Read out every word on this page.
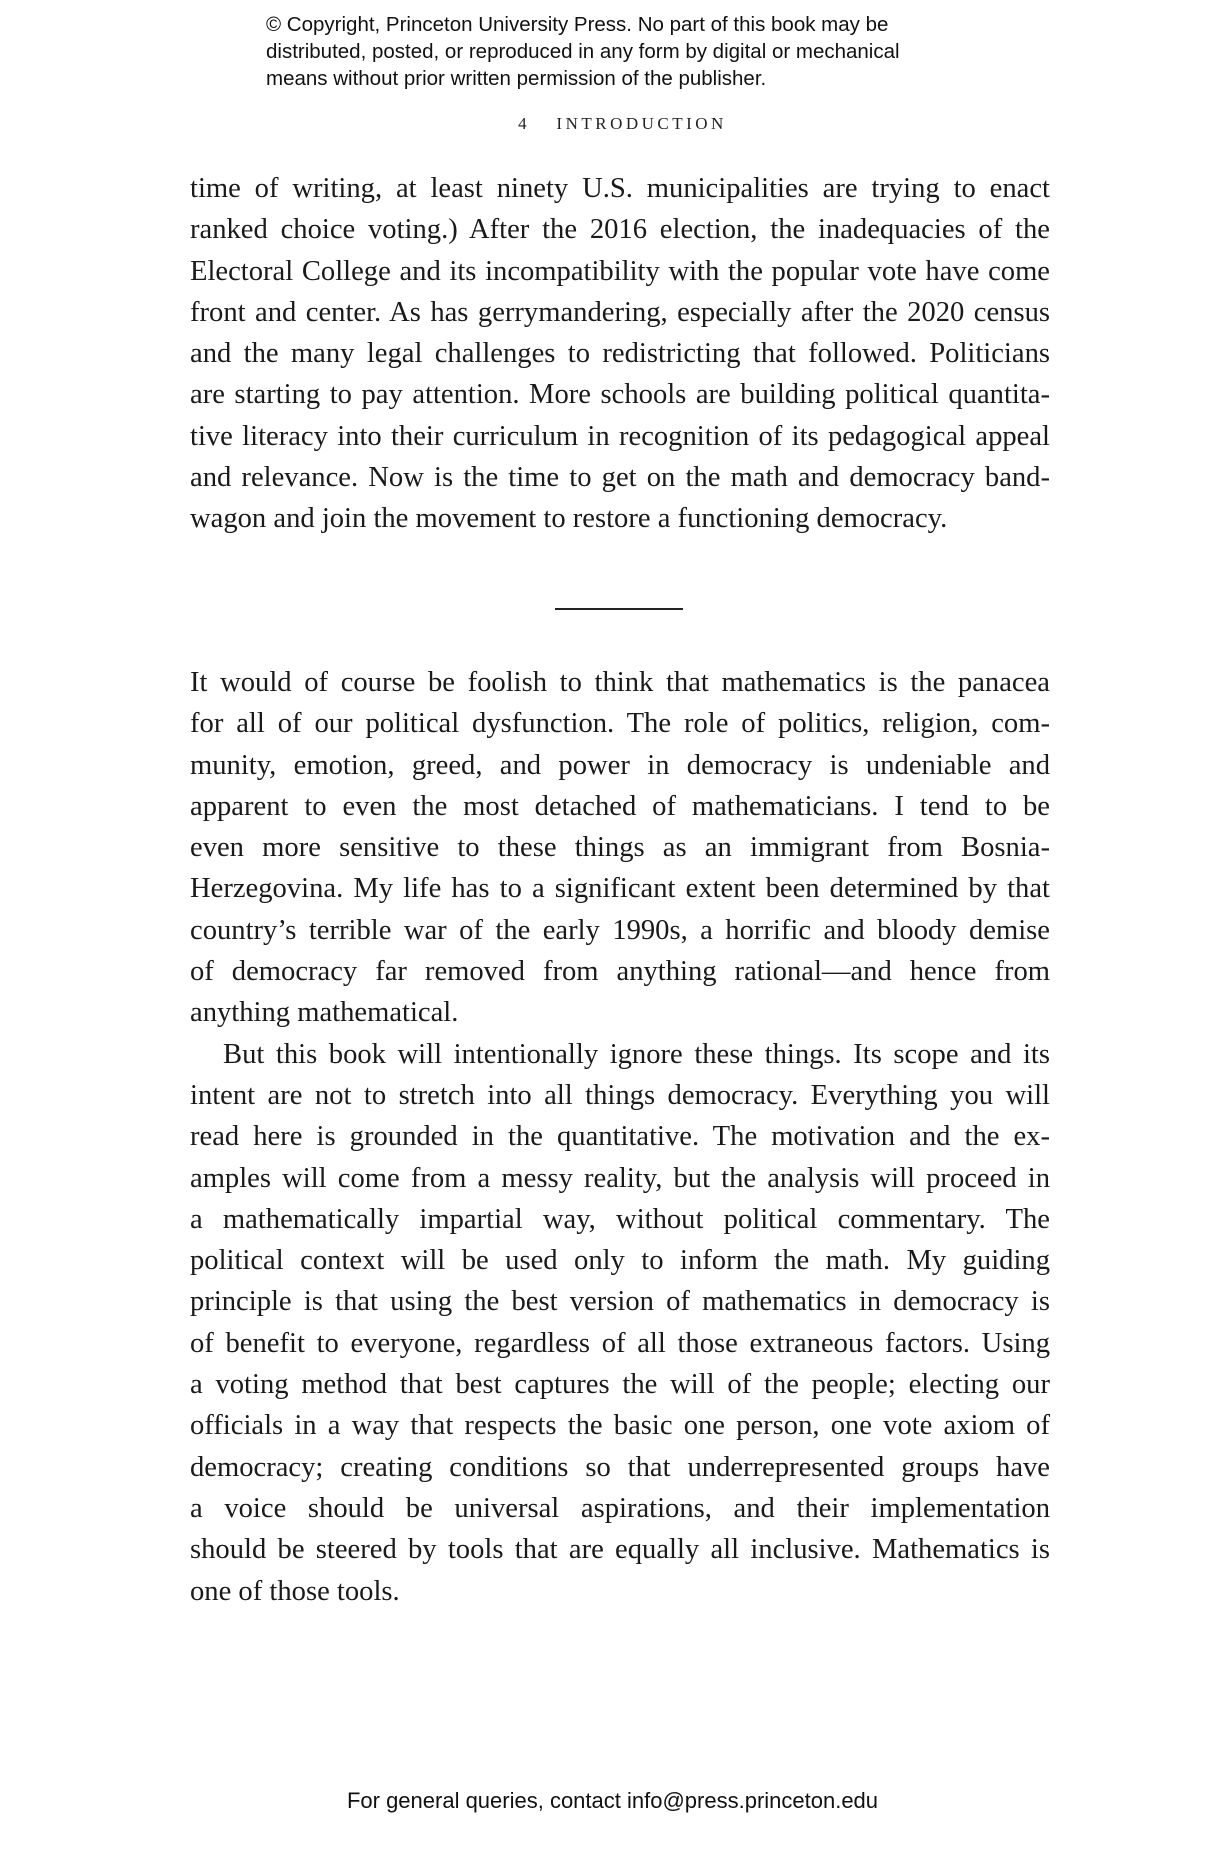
© Copyright, Princeton University Press. No part of this book may be
distributed, posted, or reproduced in any form by digital or mechanical
means without prior written permission of the publisher.
4 INTRODUCTION
time of writing, at least ninety U.S. municipalities are trying to enact
ranked choice voting.) After the 2016 election, the inadequacies of the
Electoral College and its incompatibility with the popular vote have come
front and center. As has gerrymandering, especially after the 2020 census
and the many legal challenges to redistricting that followed. Politicians
are starting to pay attention. More schools are building political quantita-
tive literacy into their curriculum in recognition of its pedagogical appeal
and relevance. Now is the time to get on the math and democracy band-
wagon and join the movement to restore a functioning democracy.
It would of course be foolish to think that mathematics is the panacea
for all of our political dysfunction. The role of politics, religion, com-
munity, emotion, greed, and power in democracy is undeniable and
apparent to even the most detached of mathematicians. I tend to be
even more sensitive to these things as an immigrant from Bosnia-
Herzegovina. My life has to a significant extent been determined by that
country’s terrible war of the early 1990s, a horrific and bloody demise
of democracy far removed from anything rational—and hence from
anything mathematical.
But this book will intentionally ignore these things. Its scope and its
intent are not to stretch into all things democracy. Everything you will
read here is grounded in the quantitative. The motivation and the ex-
amples will come from a messy reality, but the analysis will proceed in
a mathematically impartial way, without political commentary. The
political context will be used only to inform the math. My guiding
principle is that using the best version of mathematics in democracy is
of benefit to everyone, regardless of all those extraneous factors. Using
a voting method that best captures the will of the people; electing our
officials in a way that respects the basic one person, one vote axiom of
democracy; creating conditions so that underrepresented groups have
a voice should be universal aspirations, and their implementation
should be steered by tools that are equally all inclusive. Mathematics is
one of those tools.
For general queries, contact info@press.princeton.edu
